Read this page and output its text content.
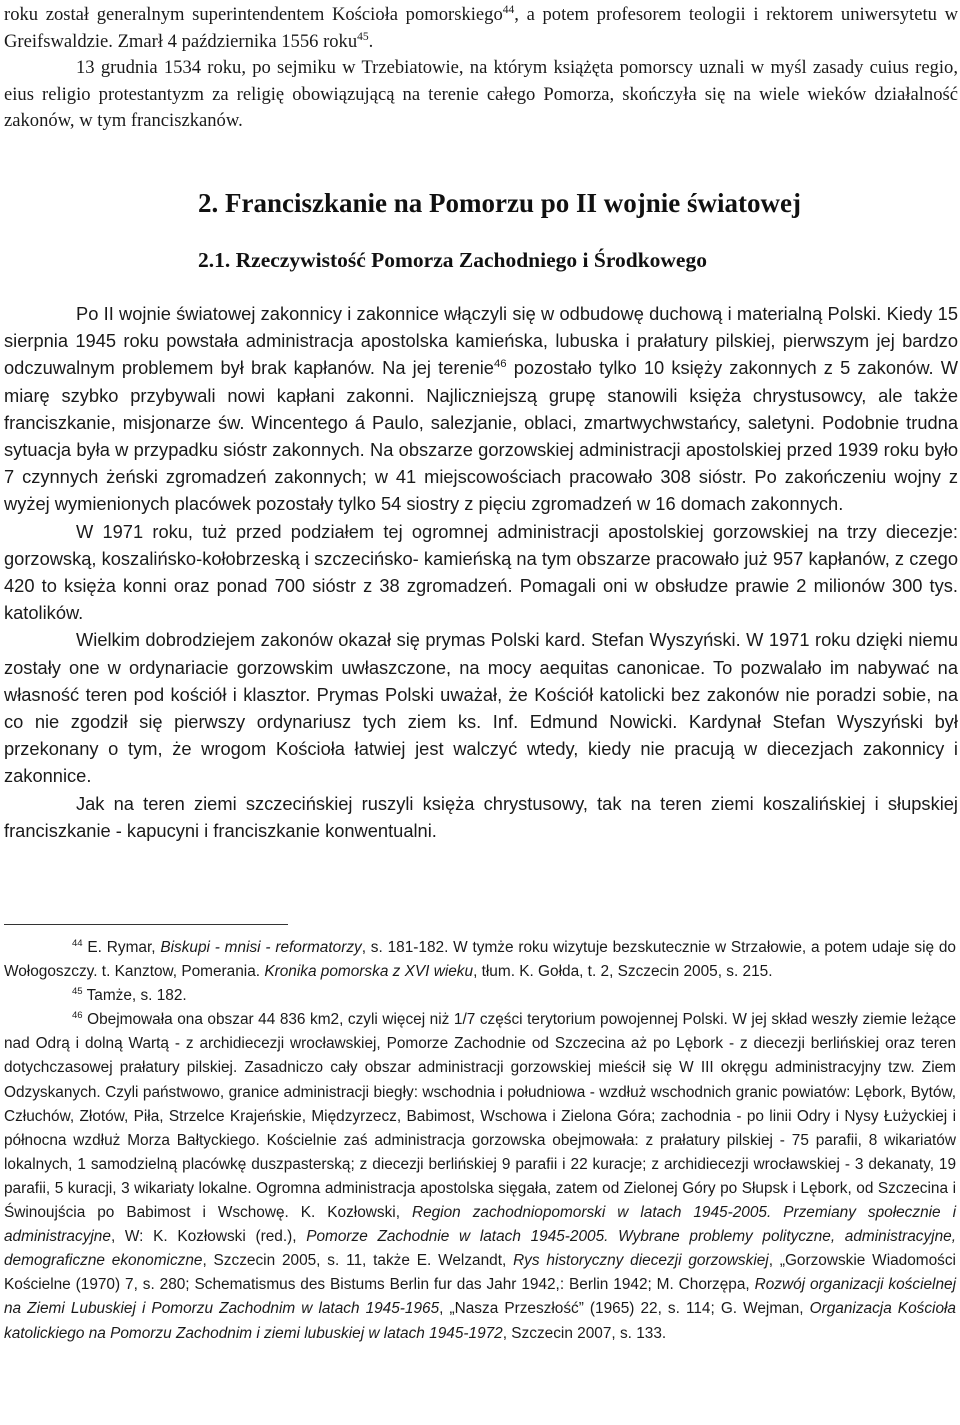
roku został generalnym superintendentem Kościoła pomorskiego$^{44}$, a potem profesorem teologii i rektorem uniwersytetu w Greifswaldzie. Zmarł 4 października 1556 roku$^{45}$.

13 grudnia 1534 roku, po sejmiku w Trzebiatowie, na którym książęta pomorscy uznali w myśl zasady cuius regio, eius religio protestantyzm za religię obowiązującą na terenie całego Pomorza, skończyła się na wiele wieków działalność zakonów, w tym franciszkanów.

2. Franciszkanie na Pomorzu po II wojnie światowej
2.1. Rzeczywistość Pomorza Zachodniego i Środkowego

Po II wojnie światowej zakonnicy i zakonnice włączyli się w odbudowę duchową i materialną Polski. Kiedy 15 sierpnia 1945 roku powstała administracja apostolska kamieńska, lubuska i prałatury pilskiej, pierwszym jej bardzo odczuwalnym problemem był brak kapłanów. Na jej terenie$^{46}$ pozostało tylko 10 księży zakonnych z 5 zakonów. W miarę szybko przybywali nowi kapłani zakonni. Najliczniejszą grupę stanowili księża chrystusowcy, ale także franciszkanie, misjonarze św. Wincentego á Paulo, salezjanie, oblaci, zmartwychwstańcy, saletyni. Podobnie trudna sytuacja była w przypadku sióstr zakonnych. Na obszarze gorzowskiej administracji apostolskiej przed 1939 roku było 7 czynnych żeński zgromadzeń zakonnych; w 41 miejscowościach pracowało 308 sióstr. Po zakończeniu wojny z wyżej wymienionych placówek pozostały tylko 54 siostry z pięciu zgromadzeń w 16 domach zakonnych.

W 1971 roku, tuż przed podziałem tej ogromnej administracji apostolskiej gorzowskiej na trzy diecezje: gorzowską, koszalińsko-kołobrzeską i szczecińsko- kamieńską na tym obszarze pracowało już 957 kapłanów, z czego 420 to księża konni oraz ponad 700 sióstr z 38 zgromadzeń. Pomagali oni w obsłudze prawie 2 milionów 300 tys. katolików.

Wielkim dobrodziejem zakonów okazał się prymas Polski kard. Stefan Wyszyński. W 1971 roku dzięki niemu zostały one w ordynariacie gorzowskim uwłaszczone, na mocy aequitas canonicae. To pozwalało im nabywać na własność teren pod kościół i klasztor. Prymas Polski uważał, że Kościół katolicki bez zakonów nie poradzi sobie, na co nie zgodził się pierwszy ordynariusz tych ziem ks. Inf. Edmund Nowicki. Kardynał Stefan Wyszyński był przekonany o tym, że wrogom Kościoła łatwiej jest walczyć wtedy, kiedy nie pracują w diecezjach zakonnicy i zakonnice.

Jak na teren ziemi szczecińskiej ruszyli księża chrystusowy, tak na teren ziemi koszalińskiej i słupskiej franciszkanie - kapucyni i franciszkanie konwentualni.

$^{44}$ E. Rymar, Biskupi - mnisi - reformatorzy, s. 181-182. W tymże roku wizytuje bezskutecznie w Strzałowie, a potem udaje się do Wołogoszczy. t. Kanztow, Pomerania. Kronika pomorska z XVI wieku, tłum. K. Gołda, t. 2, Szczecin 2005, s. 215.

$^{45}$ Tamże, s. 182.

$^{46}$ Obejmowała ona obszar 44 836 km2, czyli więcej niż 1/7 części terytorium powojennej Polski. W jej skład weszły ziemie leżące nad Odrą i dolną Wartą - z archidiecezji wrocławskiej, Pomorze Zachodnie od Szczecina aż po Lębork - z diecezji berlińskiej oraz teren dotychczasowej prałatury pilskiej. Zasadniczo cały obszar administracji gorzowskiej mieścił się W III okręgu administracyjny tzw. Ziem Odzyskanych. Czyli państwowo, granice administracji biegły: wschodnia i południowa - wzdłuż wschodnich granic powiatów: Lębork, Bytów, Człuchów, Złotów, Piła, Strzelce Krajeńskie, Międzyrzecz, Babimost, Wschowa i Zielona Góra; zachodnia - po linii Odry i Nysy Łużyckiej i północna wzdłuż Morza Bałtyckiego. Kościelnie zaś administracja gorzowska obejmowała: z prałatury pilskiej - 75 parafii, 8 wikariatów lokalnych, 1 samodzielną placówkę duszpasterską; z diecezji berlińskiej 9 parafii i 22 kuracje; z archidiecezji wrocławskiej - 3 dekanaty, 19 parafii, 5 kuracji, 3 wikariaty lokalne. Ogromna administracja apostolska sięgała, zatem od Zielonej Góry po Słupsk i Lębork, od Szczecina i Świnoujścia po Babimost i Wschowę. K. Kozłowski, Region zachodniopomorski w latach 1945-2005. Przemiany społecznie i administracyjne, W: K. Kozłowski (red.), Pomorze Zachodnie w latach 1945-2005. Wybrane problemy polityczne, administracyjne, demograficzne ekonomiczne, Szczecin 2005, s. 11, także E. Welzandt, Rys historyczny diecezji gorzowskiej, „Gorzowskie Wiadomości Kościelne (1970) 7, s. 280; Schematismus des Bistums Berlin fur das Jahr 1942,: Berlin 1942; M. Chorzępa, Rozwój organizacji kościelnej na Ziemi Lubuskiej i Pomorzu Zachodnim w latach 1945-1965, „Nasza Przeszłość” (1965) 22, s. 114; G. Wejman, Organizacja Kościoła katolickiego na Pomorzu Zachodnim i ziemi lubuskiej w latach 1945-1972, Szczecin 2007, s. 133.
